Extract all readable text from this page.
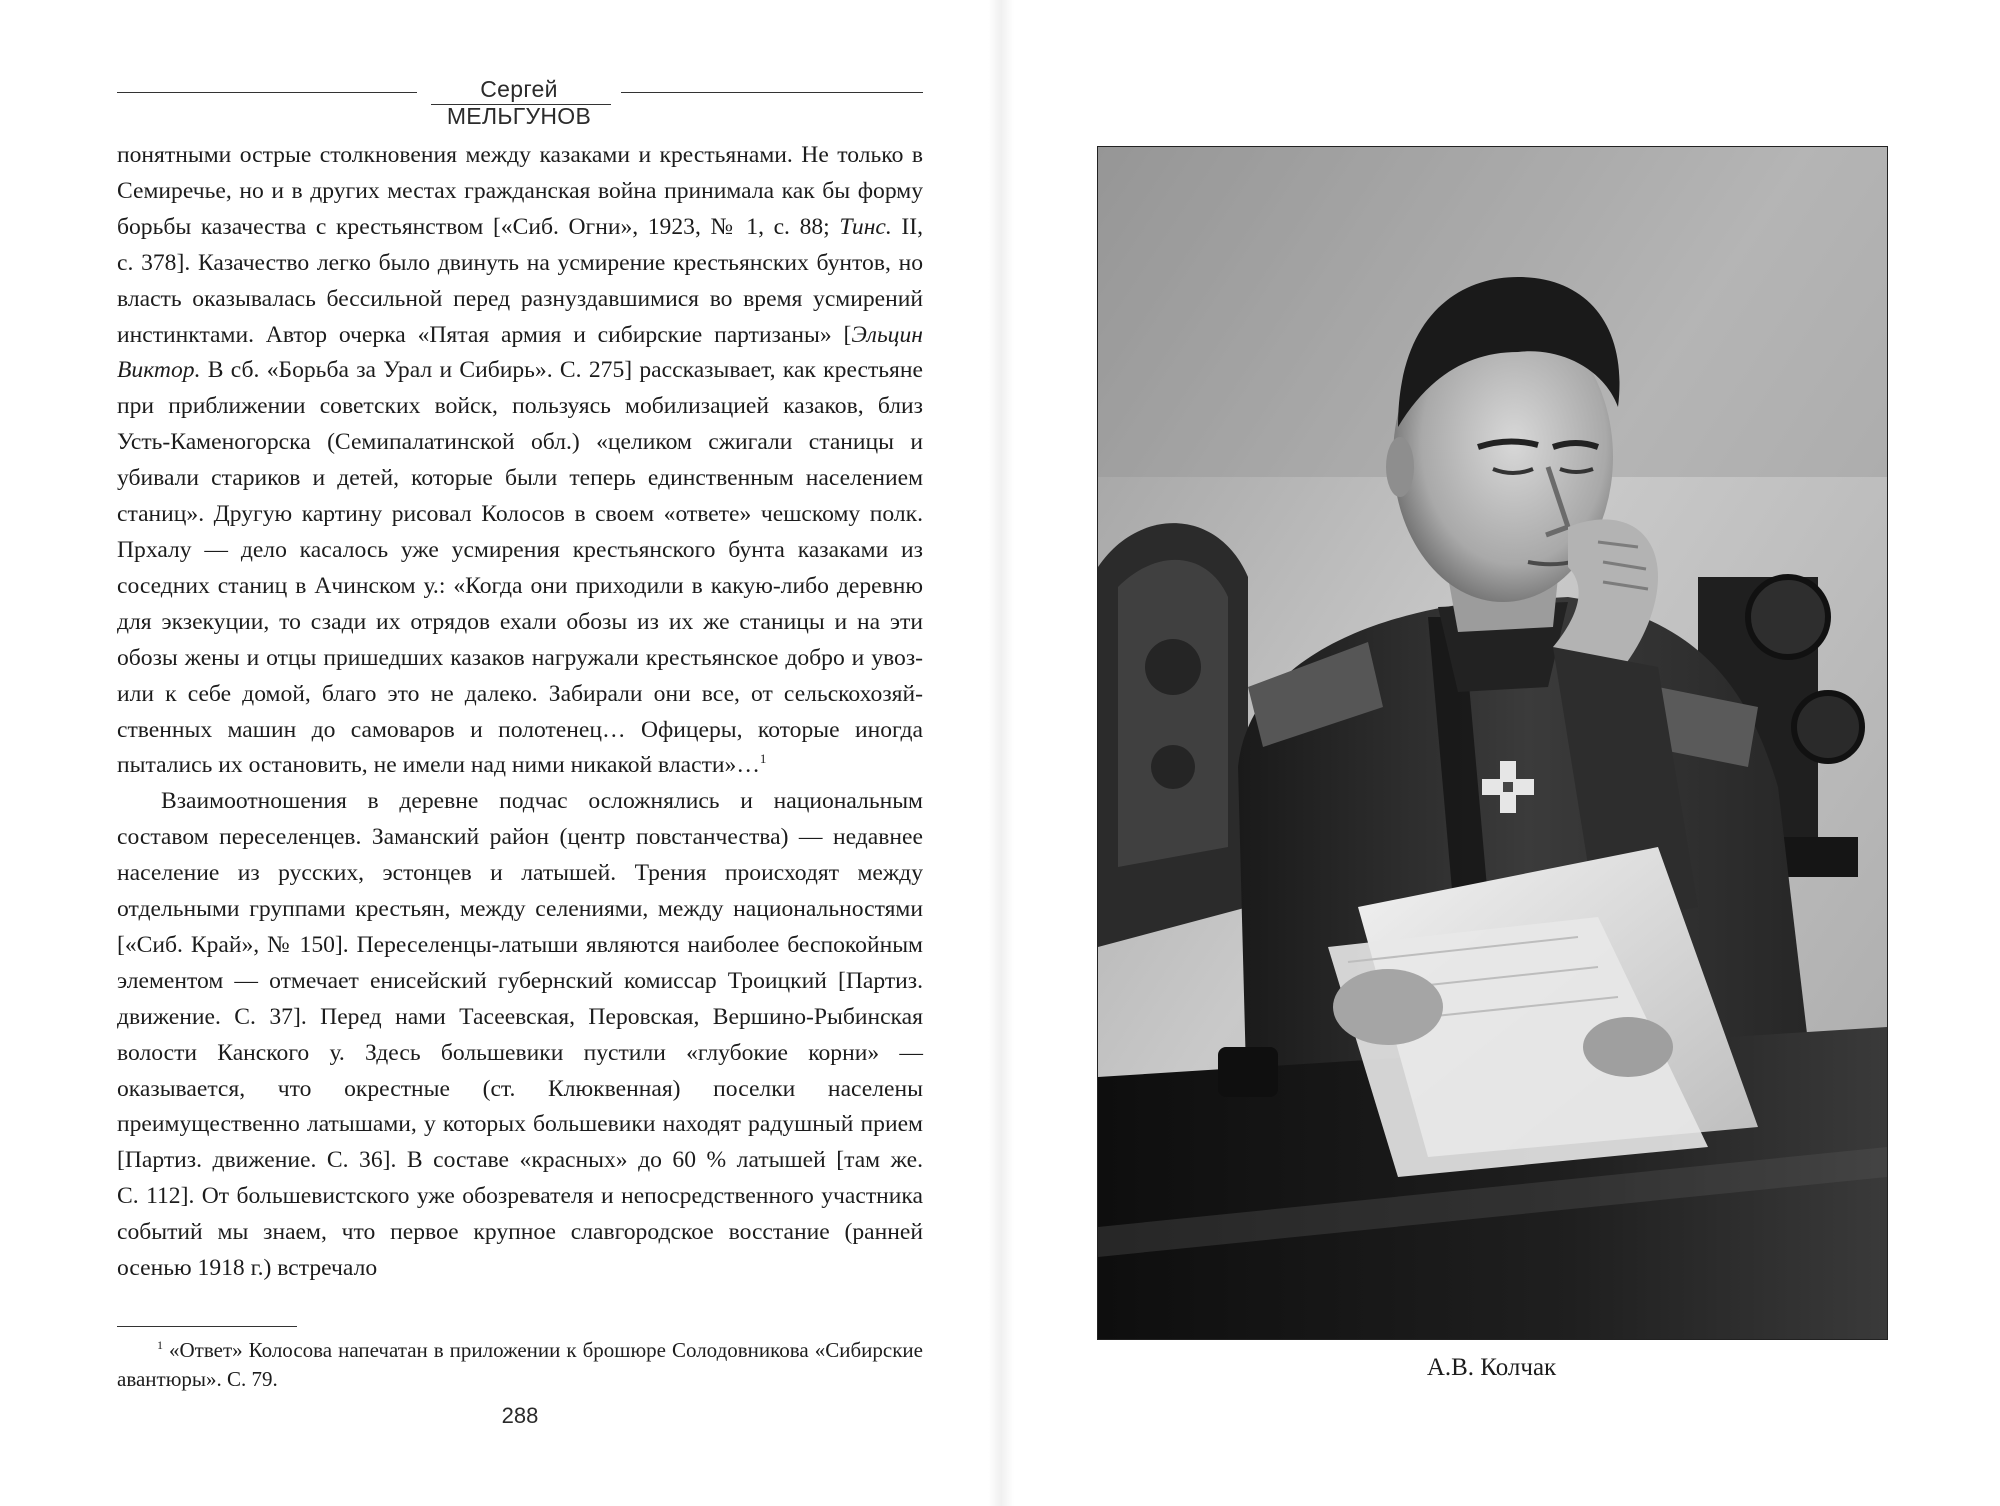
Сергей МЕЛЬГУНОВ

понятными острые столкновения между казаками и крестьянами. Не только в Семиречье, но и в других местах гражданская война принимала как бы форму борьбы казачества с крестьянством [«Сиб. Огни», 1923, № 1, с. 88; Тинс. II, с. 378]. Казачество легко было двинуть на усмирение крестьянских бунтов, но власть оказывалась бессильной перед разнуздавшимися во время усмирений инстинктами. Автор очерка «Пятая армия и сибирские партизаны» [Эльцин Виктор. В сб. «Борьба за Урал и Сибирь». С. 275] рассказывает, как крестьяне при приближении советских войск, пользуясь мобилизацией казаков, близ Усть-Каменогорска (Семипалатинской обл.) «целиком сжигали станицы и убивали стариков и детей, которые были теперь единственным населением станиц». Другую картину рисовал Колосов в своем «ответе» чешскому полк. Прхалу — дело касалось уже усмирения крестьянского бунта казаками из соседних станиц в Ачинском у.: «Когда они приходили в какую-либо деревню для экзекуции, то сзади их отрядов ехали обозы из их же станицы и на эти обозы жены и отцы пришедших казаков нагружали крестьянское добро и увозили к себе домой, благо это не далеко. Забирали они все, от сельскохозяйственных машин до самоваров и полотенец… Офицеры, которые иногда пытались их остановить, не имели над ними никакой власти»…$^1$

Взаимоотношения в деревне подчас осложнялись и национальным составом переселенцев. Заманский район (центр повстанчества) — недавнее население из русских, эстонцев и латышей. Трения происходят между отдельными группами крестьян, между селениями, между национальностями [«Сиб. Край», № 150]. Переселенцы-латыши являются наиболее беспокойным элементом — отмечает енисейский губернский комиссар Троицкий [Партиз. движение. С. 37]. Перед нами Тасеевская, Перовская, Вершино-Рыбинская волости Канского у. Здесь большевики пустили «глубокие корни» — оказывается, что окрестные (ст. Клюквенная) поселки населены преимущественно латышами, у которых большевики находят радушный прием [Партиз. движение. С. 36]. В составе «красных» до 60 % латышей [там же. С. 112]. От большевистского уже обозревателя и непосредственного участника событий мы знаем, что первое крупное славгородское восстание (ранней осенью 1918 г.) встречало

$^1$ «Ответ» Колосова напечатан в приложении к брошюре Солодовникова «Сибирские авантюры». С. 79.

288
А.В. Колчак
